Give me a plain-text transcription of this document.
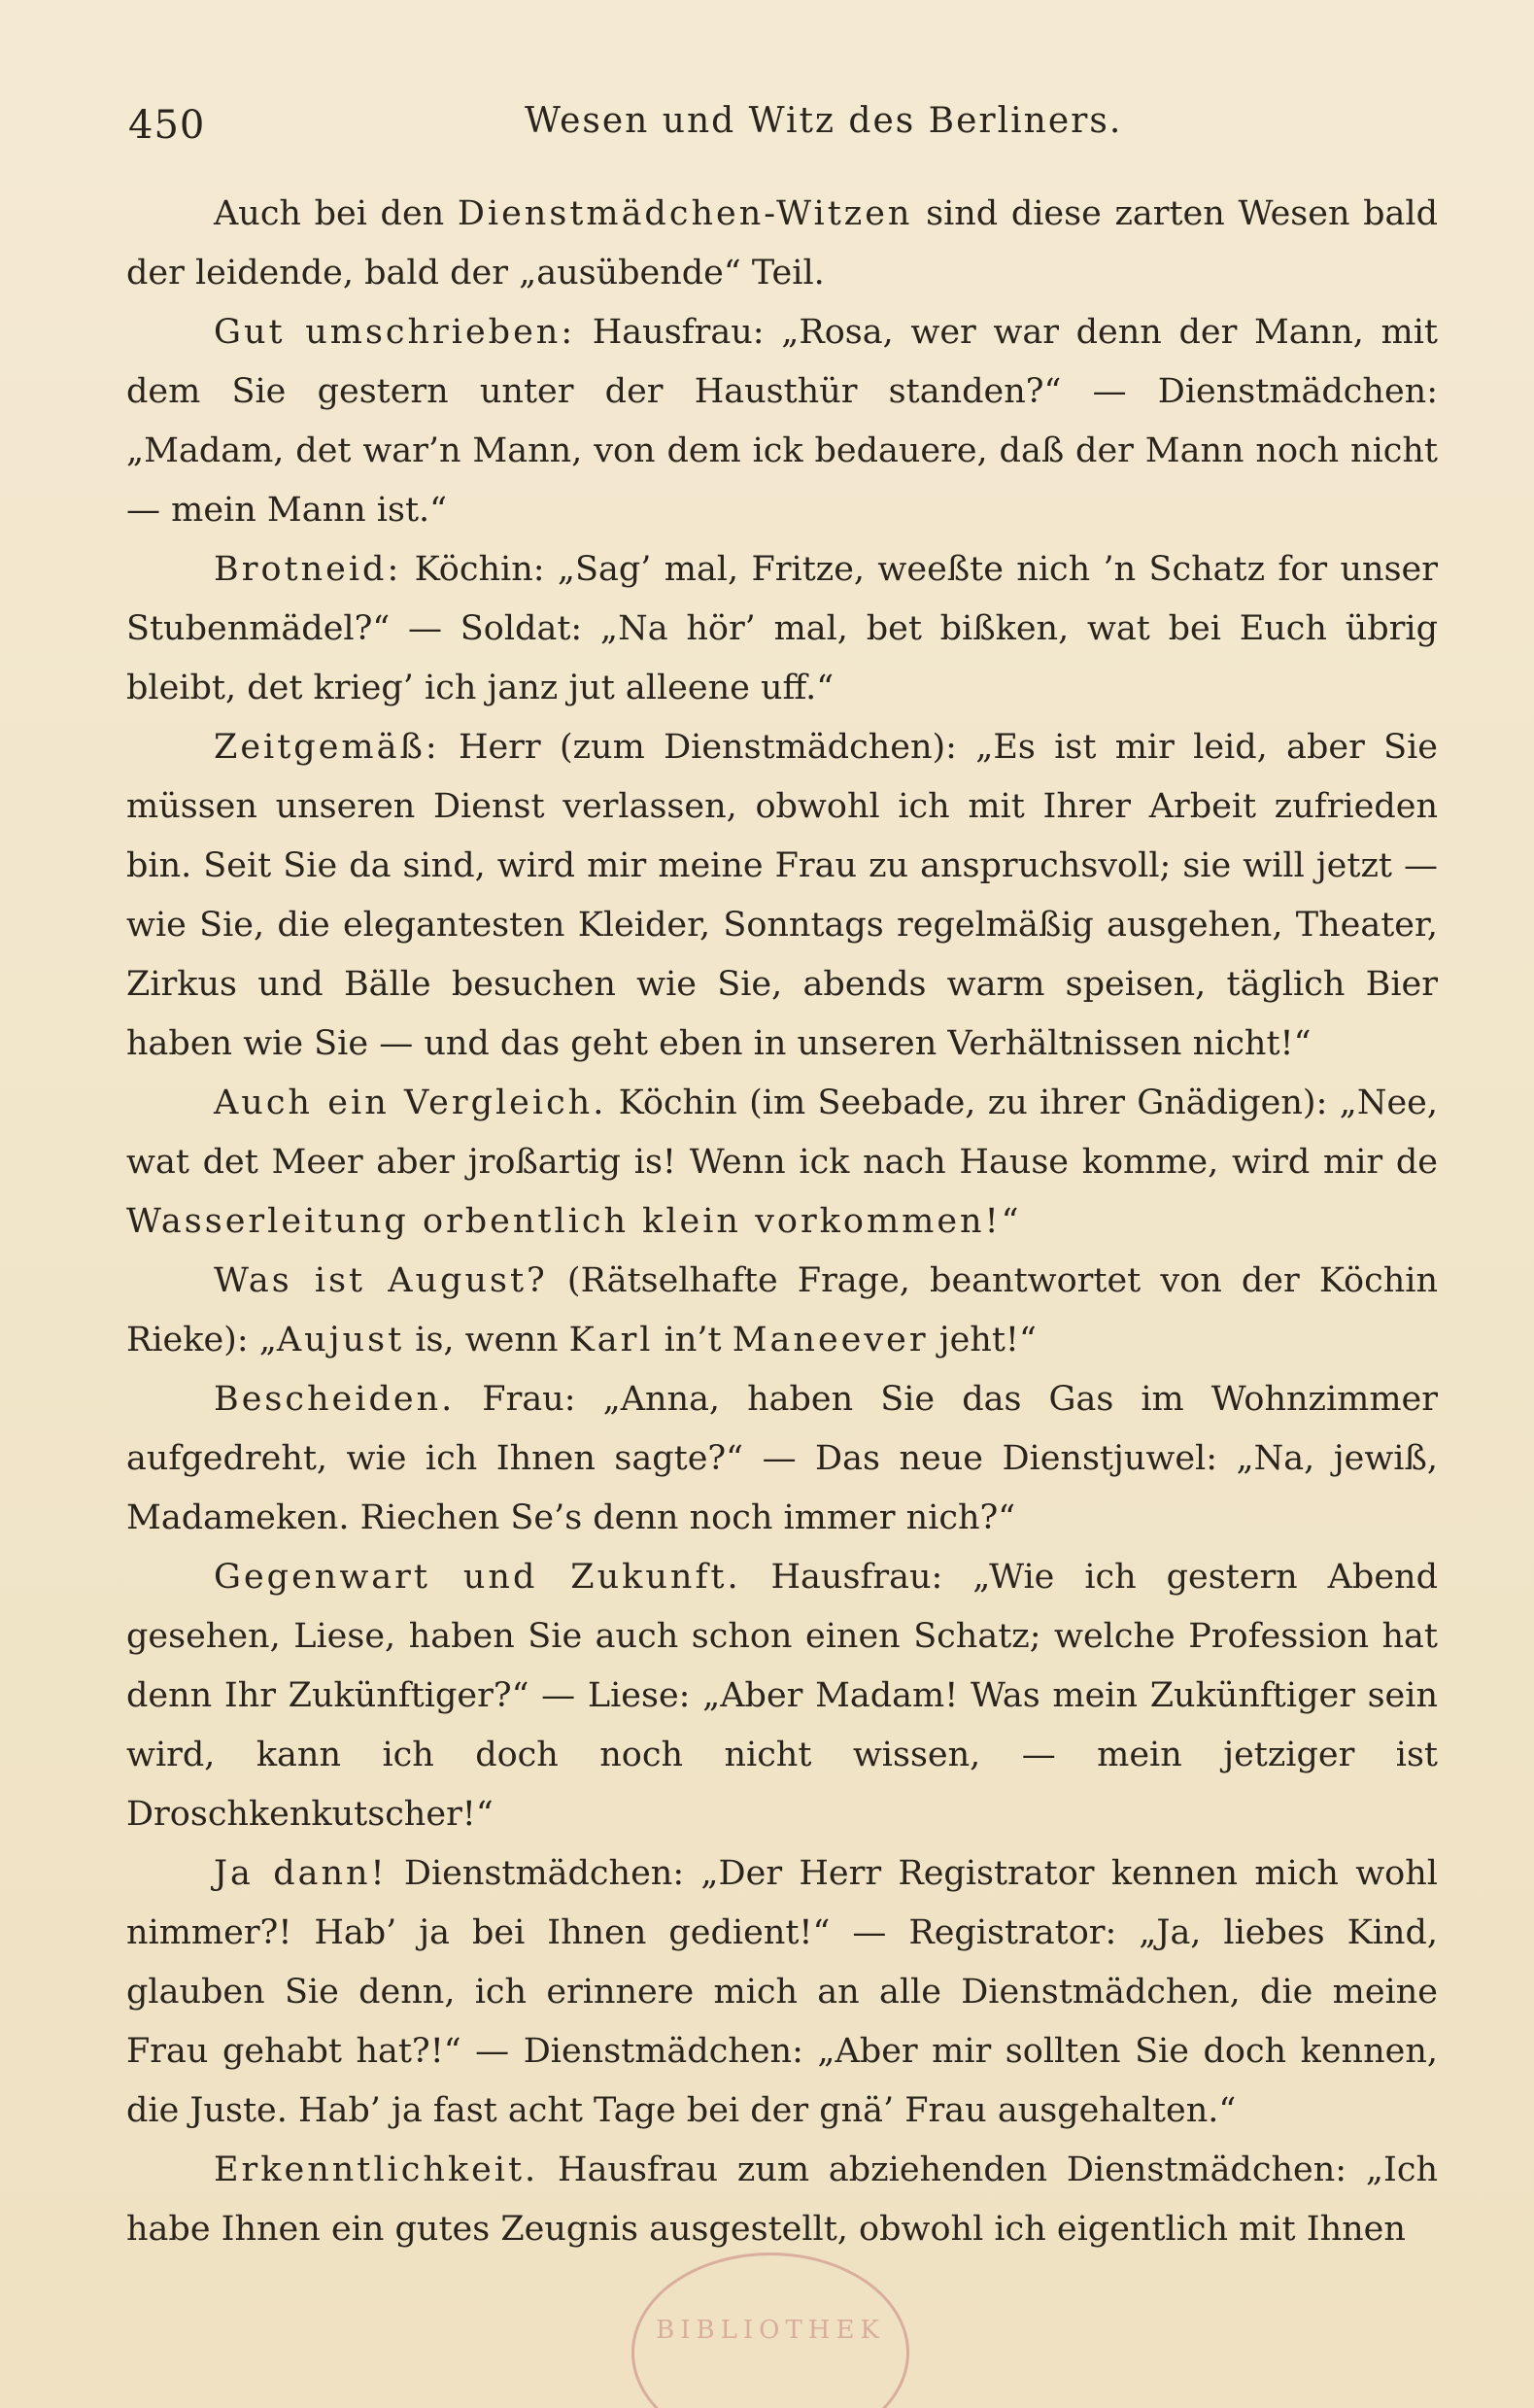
450	Wesen und Witz des Berliners.

Auch bei den Dienstmädchen-Witzen sind diese zarten Wesen bald der leidende, bald der „ausübende“ Teil.

Gut umschrieben: Hausfrau: „Rosa, wer war denn der Mann, mit dem Sie gestern unter der Hausthür standen?“ — Dienstmädchen: „Madam, det war’n Mann, von dem ick bedauere, daß der Mann noch nicht — mein Mann ist.“

Brotneid: Köchin: „Sag’ mal, Fritze, weeßte nich ’n Schatz for unser Stubenmädel?“ — Soldat: „Na hör’ mal, bet bißken, wat bei Euch übrig bleibt, det krieg’ ich janz jut alleene uff.“

Zeitgemäß: Herr (zum Dienstmädchen): „Es ist mir leid, aber Sie müssen unseren Dienst verlassen, obwohl ich mit Ihrer Arbeit zufrieden bin. Seit Sie da sind, wird mir meine Frau zu anspruchsvoll; sie will jetzt — wie Sie, die elegantesten Kleider, Sonntags regelmäßig ausgehen, Theater, Zirkus und Bälle besuchen wie Sie, abends warm speisen, täglich Bier haben wie Sie — und das geht eben in unseren Verhältnissen nicht!“

Auch ein Vergleich. Köchin (im Seebade, zu ihrer Gnädigen): „Nee, wat det Meer aber jroßartig is! Wenn ick nach Hause komme, wird mir de Wasserleitung orbentlich klein vorkommen!“

Was ist August? (Rätselhafte Frage, beantwortet von der Köchin Rieke): „Aujust is, wenn Karl in’t Maneever jeht!“

Bescheiden. Frau: „Anna, haben Sie das Gas im Wohnzimmer aufgedreht, wie ich Ihnen sagte?“ — Das neue Dienstjuwel: „Na, jewiß, Madameken. Riechen Se’s denn noch immer nich?“

Gegenwart und Zukunft. Hausfrau: „Wie ich gestern Abend gesehen, Liese, haben Sie auch schon einen Schatz; welche Profession hat denn Ihr Zukünftiger?“ — Liese: „Aber Madam! Was mein Zukünftiger sein wird, kann ich doch noch nicht wissen, — mein jetziger ist Droschkenkutscher!“

Ja dann! Dienstmädchen: „Der Herr Registrator kennen mich wohl nimmer?! Hab’ ja bei Ihnen gedient!“ — Registrator: „Ja, liebes Kind, glauben Sie denn, ich erinnere mich an alle Dienstmädchen, die meine Frau gehabt hat?!“ — Dienstmädchen: „Aber mir sollten Sie doch kennen, die Juste. Hab’ ja fast acht Tage bei der gnä’ Frau ausgehalten.“

Erkenntlichkeit. Hausfrau zum abziehenden Dienstmädchen: „Ich habe Ihnen ein gutes Zeugnis ausgestellt, obwohl ich eigentlich mit Ihnen

BIBLIOTHEK
